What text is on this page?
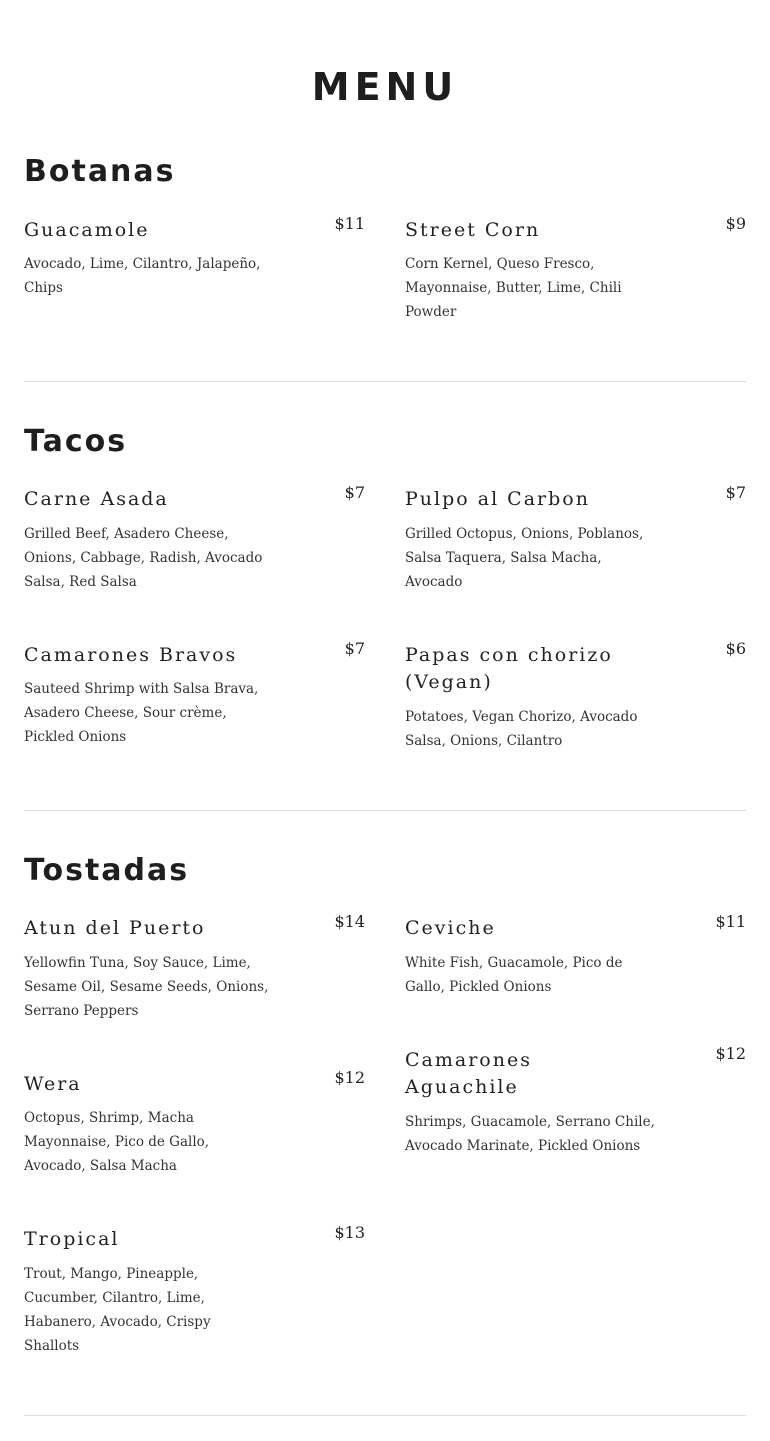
MENU
Botanas
Guacamole	$11
Avocado, Lime, Cilantro, Jalapeño, Chips
Street Corn	$9
Corn Kernel, Queso Fresco, Mayonnaise, Butter, Lime, Chili Powder
Tacos
Carne Asada	$7
Grilled Beef, Asadero Cheese, Onions, Cabbage, Radish, Avocado Salsa, Red Salsa
Pulpo al Carbon	$7
Grilled Octopus, Onions, Poblanos, Salsa Taquera, Salsa Macha, Avocado
Camarones Bravos	$7
Sauteed Shrimp with Salsa Brava, Asadero Cheese, Sour crème, Pickled Onions
Papas con chorizo (Vegan)
$6
Potatoes, Vegan Chorizo, Avocado Salsa, Onions, Cilantro
Tostadas
Atun del Puerto	$14
Yellowfin Tuna, Soy Sauce, Lime, Sesame Oil, Sesame Seeds, Onions, Serrano Peppers
Ceviche	$11
White Fish, Guacamole, Pico de Gallo, Pickled Onions
Wera	$12
Octopus, Shrimp, Macha Mayonnaise, Pico de Gallo, Avocado, Salsa Macha
Camarones Aguachile
$12
Shrimps, Guacamole, Serrano Chile, Avocado Marinate, Pickled Onions
Tropical	$13
Trout, Mango, Pineapple, Cucumber, Cilantro, Lime, Habanero, Avocado, Crispy Shallots
